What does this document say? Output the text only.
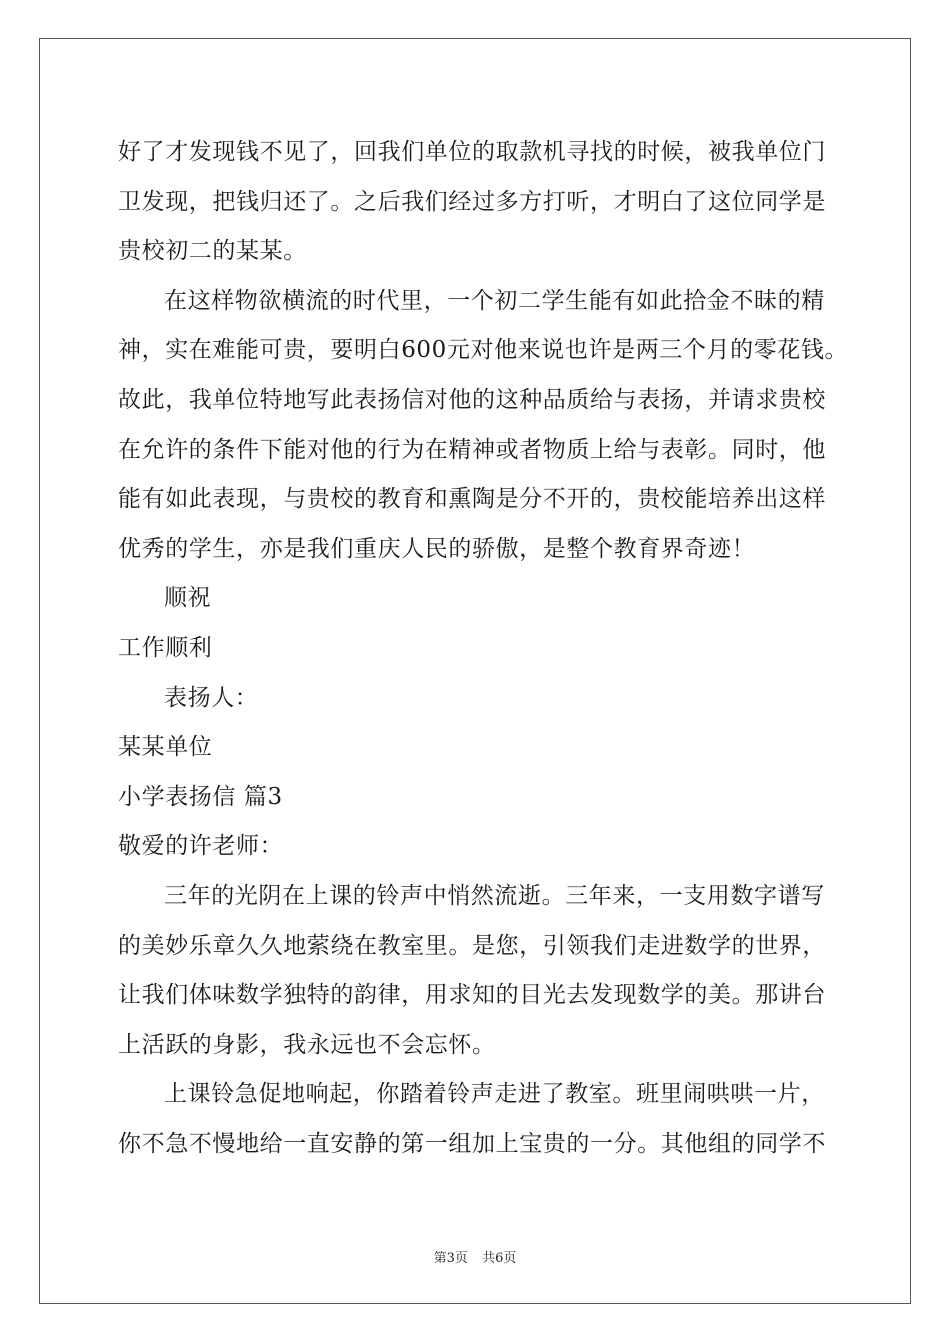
好了才发现钱不见了，回我们单位的取款机寻找的时候，被我单位门
卫发现，把钱归还了。之后我们经过多方打听，才明白了这位同学是
贵校初二的某某。
在这样物欲横流的时代里，一个初二学生能有如此拾金不昧的精
神，实在难能可贵，要明白600元对他来说也许是两三个月的零花钱。
故此，我单位特地写此表扬信对他的这种品质给与表扬，并请求贵校
在允许的条件下能对他的行为在精神或者物质上给与表彰。同时，他
能有如此表现，与贵校的教育和熏陶是分不开的，贵校能培养出这样
优秀的学生，亦是我们重庆人民的骄傲，是整个教育界奇迹！
顺祝
工作顺利
表扬人：
某某单位
小学表扬信 篇3
敬爱的许老师：
三年的光阴在上课的铃声中悄然流逝。三年来，一支用数字谱写
的美妙乐章久久地萦绕在教室里。是您，引领我们走进数学的世界，
让我们体味数学独特的韵律，用求知的目光去发现数学的美。那讲台
上活跃的身影，我永远也不会忘怀。
上课铃急促地响起，你踏着铃声走进了教室。班里闹哄哄一片，
你不急不慢地给一直安静的第一组加上宝贵的一分。其他组的同学不
第3页 共6页
